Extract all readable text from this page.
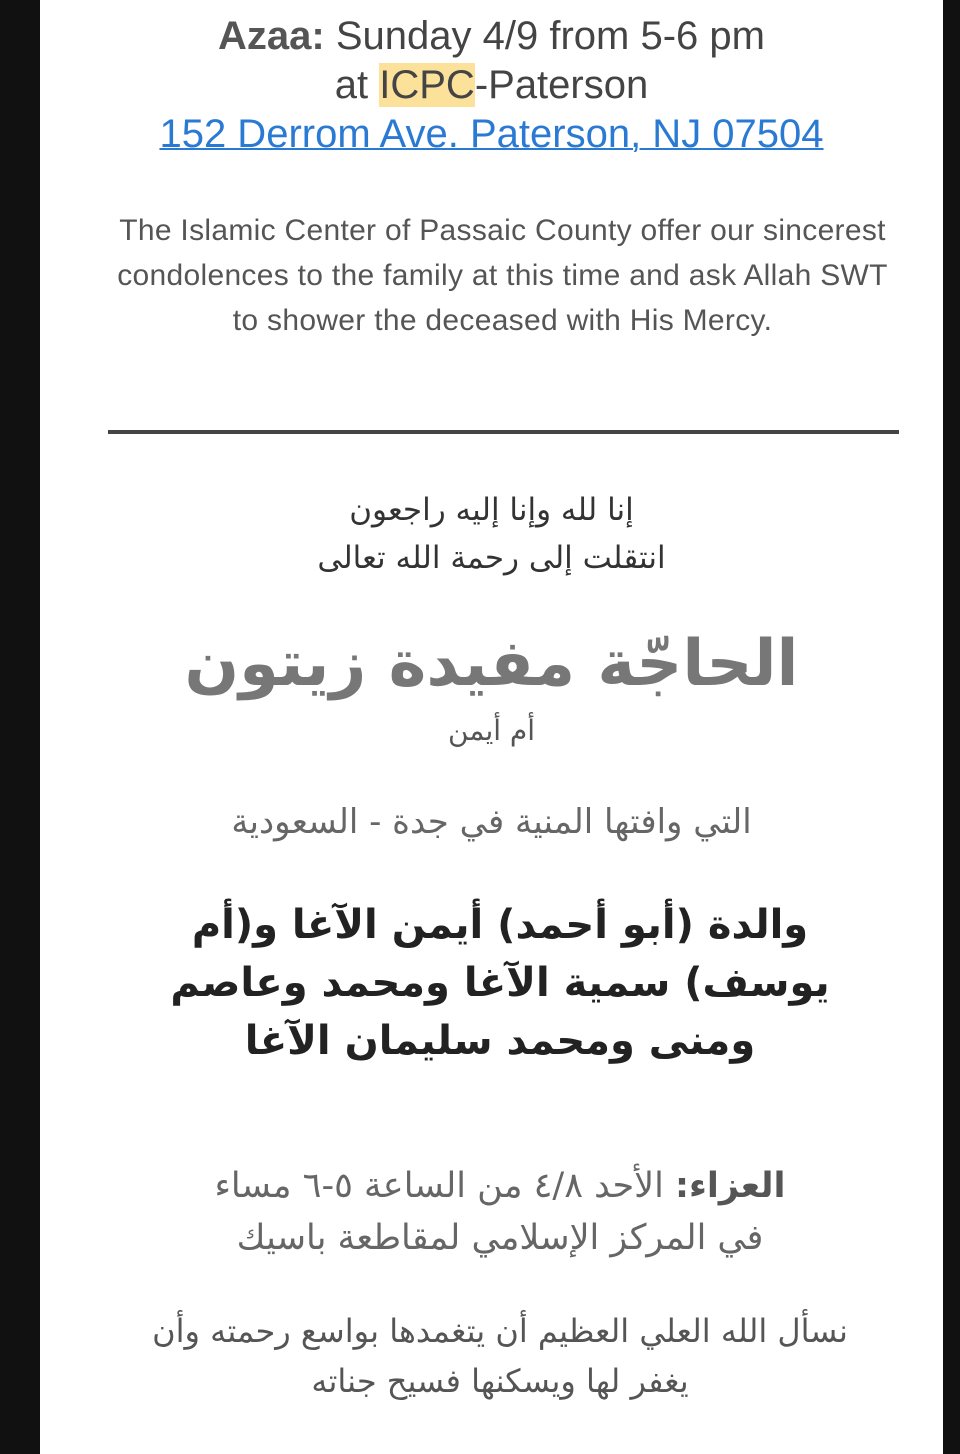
Azaa: Sunday 4/9 from 5-6 pm
at ICPC-Paterson
152 Derrom Ave. Paterson, NJ 07504
The Islamic Center of Passaic County offer our sincerest condolences to the family at this time and ask Allah SWT to shower the deceased with His Mercy.
إنا لله وإنا إليه راجعون
انتقلت إلى رحمة الله تعالى
الحاجّة مفيدة زيتون
أم أيمن
التي وافتها المنية في جدة - السعودية
والدة (أبو أحمد) أيمن الآغا و(أم يوسف) سمية الآغا ومحمد وعاصم ومنى ومحمد سليمان الآغا
العزاء: الأحد ٤/٨ من الساعة ٥-٦ مساء
في المركز الإسلامي لمقاطعة باسيك
نسأل الله العلي العظيم أن يتغمدها بواسع رحمته وأن يغفر لها ويسكنها فسيح جناته
